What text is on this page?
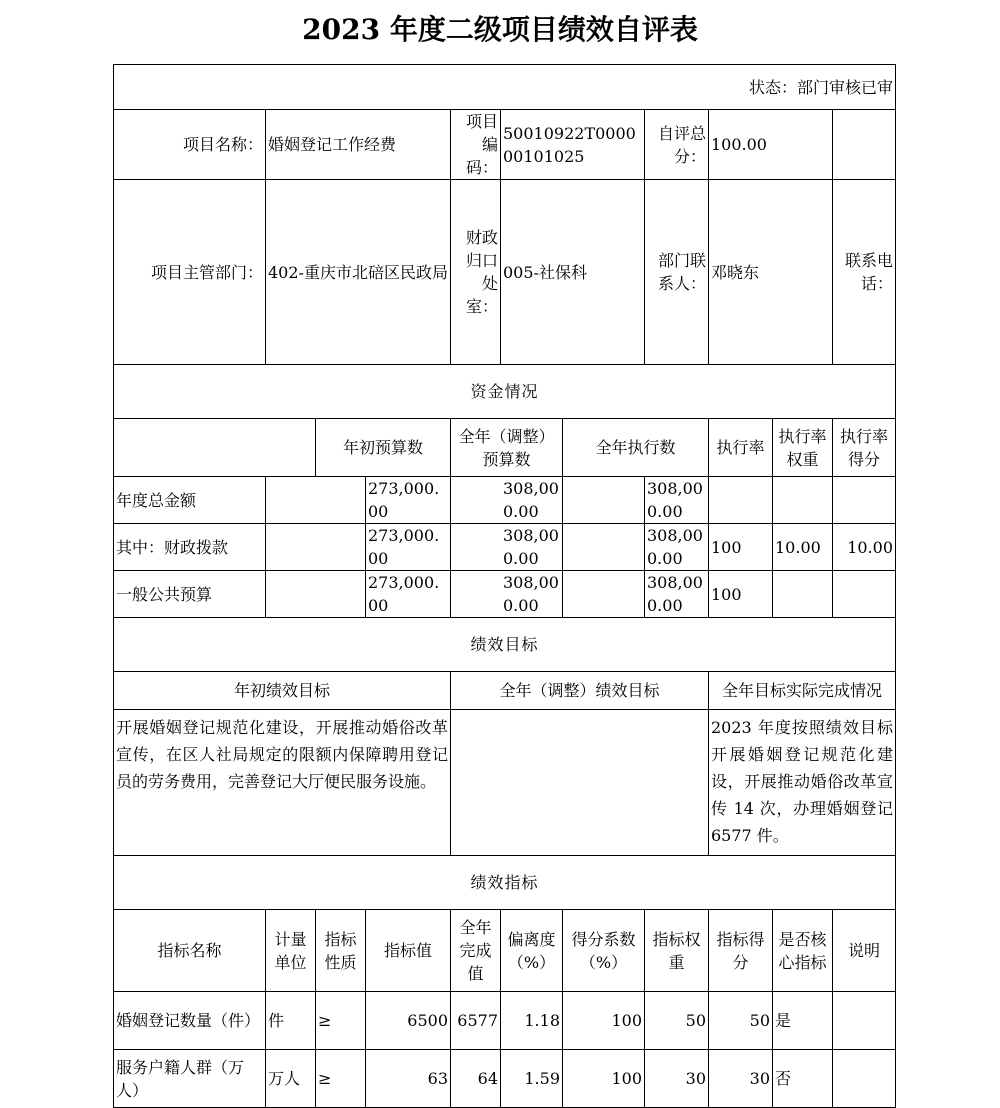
2023 年度二级项目绩效自评表
状态：部门审核已审											
项目名称：	婚姻登记工作经费			项目编码：	50010922T000000101025		自评总分：	100.00			
项目主管部门：	402-重庆市北碚区民政局			财政归口处室：	005-社保科		部门联系人：	邓晓东		联系电话：	
资金情况											
		年初预算数		全年（调整）预算数		全年执行数		执行率	执行率权重	执行率得分	
年度总金额			273,000.00	308,000.00			308,000.00				
其中：财政拨款			273,000.00	308,000.00			308,000.00	100	10.00	10.00	
一般公共预算			273,000.00	308,000.00			308,000.00	100			
绩效目标											
年初绩效目标				全年（调整）绩效目标				全年目标实际完成情况			
开展婚姻登记规范化建设，开展推动婚俗改革宣传，在区人社局规定的限额内保障聘用登记员的劳务费用，完善登记大厅便民服务设施。								2023 年度按照绩效目标开展婚姻登记规范化建设，开展推动婚俗改革宣传 14 次，办理婚姻登记 6577 件。			
绩效指标											
指标名称	计量单位	指标性质	指标值	全年完成值	偏离度（%）	得分系数（%）	指标权重	指标得分	是否核心指标	说明	
婚姻登记数量（件）	件	≥	6500	6577	1.18	100	50	50	是		
服务户籍人群（万人）	万人	≥	63	64	1.59	100	30	30	否		
